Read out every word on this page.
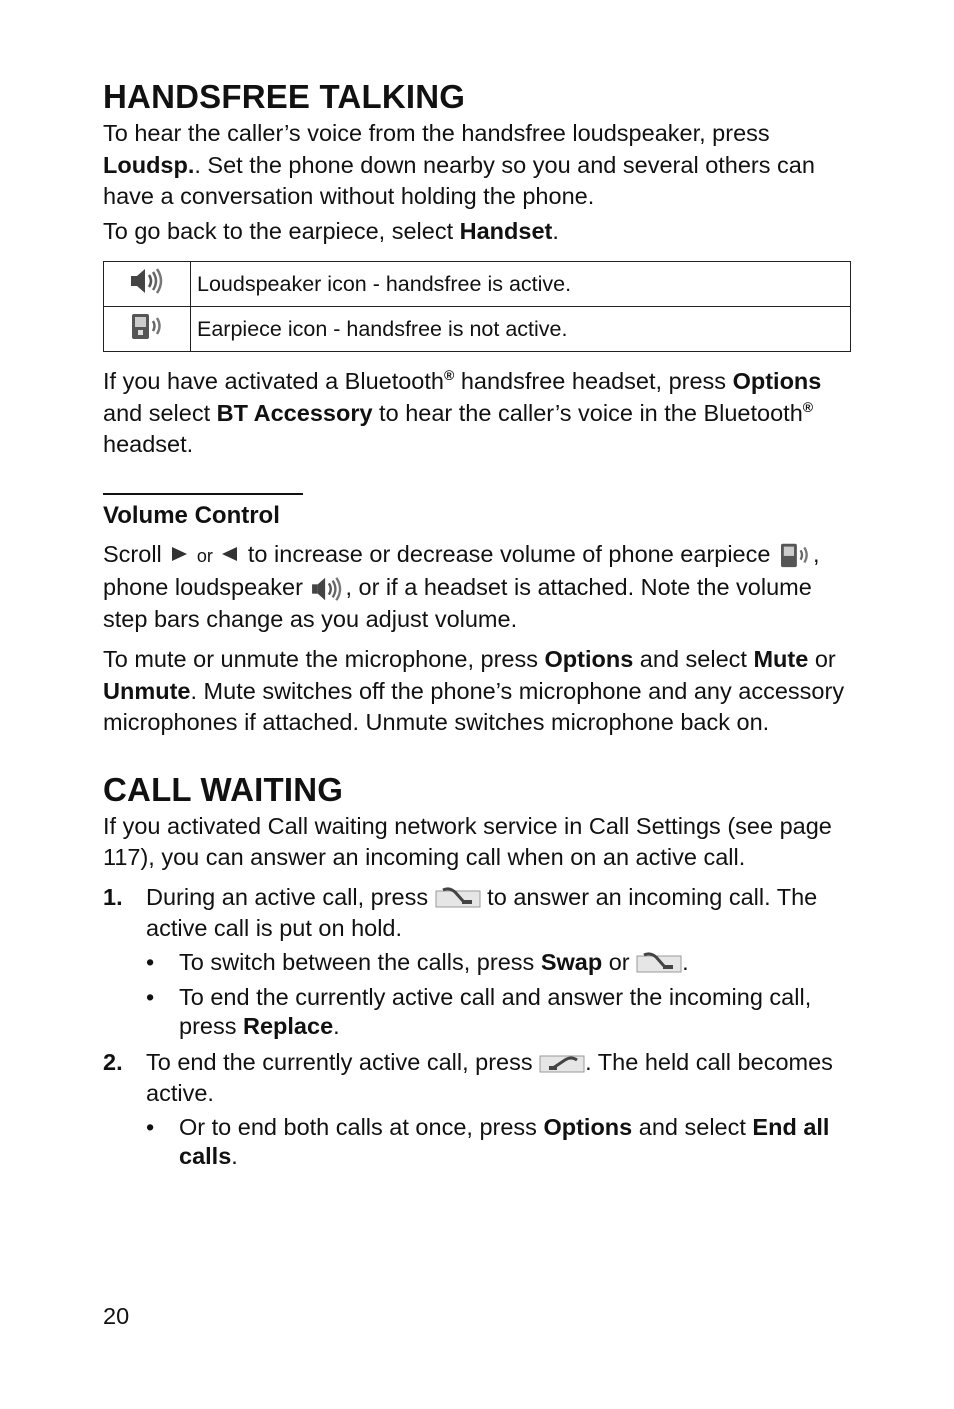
HANDSFREE TALKING

To hear the caller’s voice from the handsfree loudspeaker, press Loudsp.. Set the phone down nearby so you and several others can have a conversation without holding the phone.

To go back to the earpiece, select Handset.

	Loudspeaker icon - handsfree is active.
	Earpiece icon - handsfree is not active.

If you have activated a Bluetooth® handsfree headset, press Options and select BT Accessory to hear the caller’s voice in the Bluetooth® headset.

Volume Control

Scroll  or  to increase or decrease volume of phone earpiece , phone loudspeaker , or if a headset is attached. Note the volume step bars change as you adjust volume.

To mute or unmute the microphone, press Options and select Mute or Unmute. Mute switches off the phone’s microphone and any accessory microphones if attached. Unmute switches microphone back on.

CALL WAITING

If you activated Call waiting network service in Call Settings (see page 117), you can answer an incoming call when on an active call.

1. During an active call, press  to answer an incoming call. The active call is put on hold.
• To switch between the calls, press Swap or .
• To end the currently active call and answer the incoming call, press Replace.
2. To end the currently active call, press . The held call becomes active.
• Or to end both calls at once, press Options and select End all calls.
20
